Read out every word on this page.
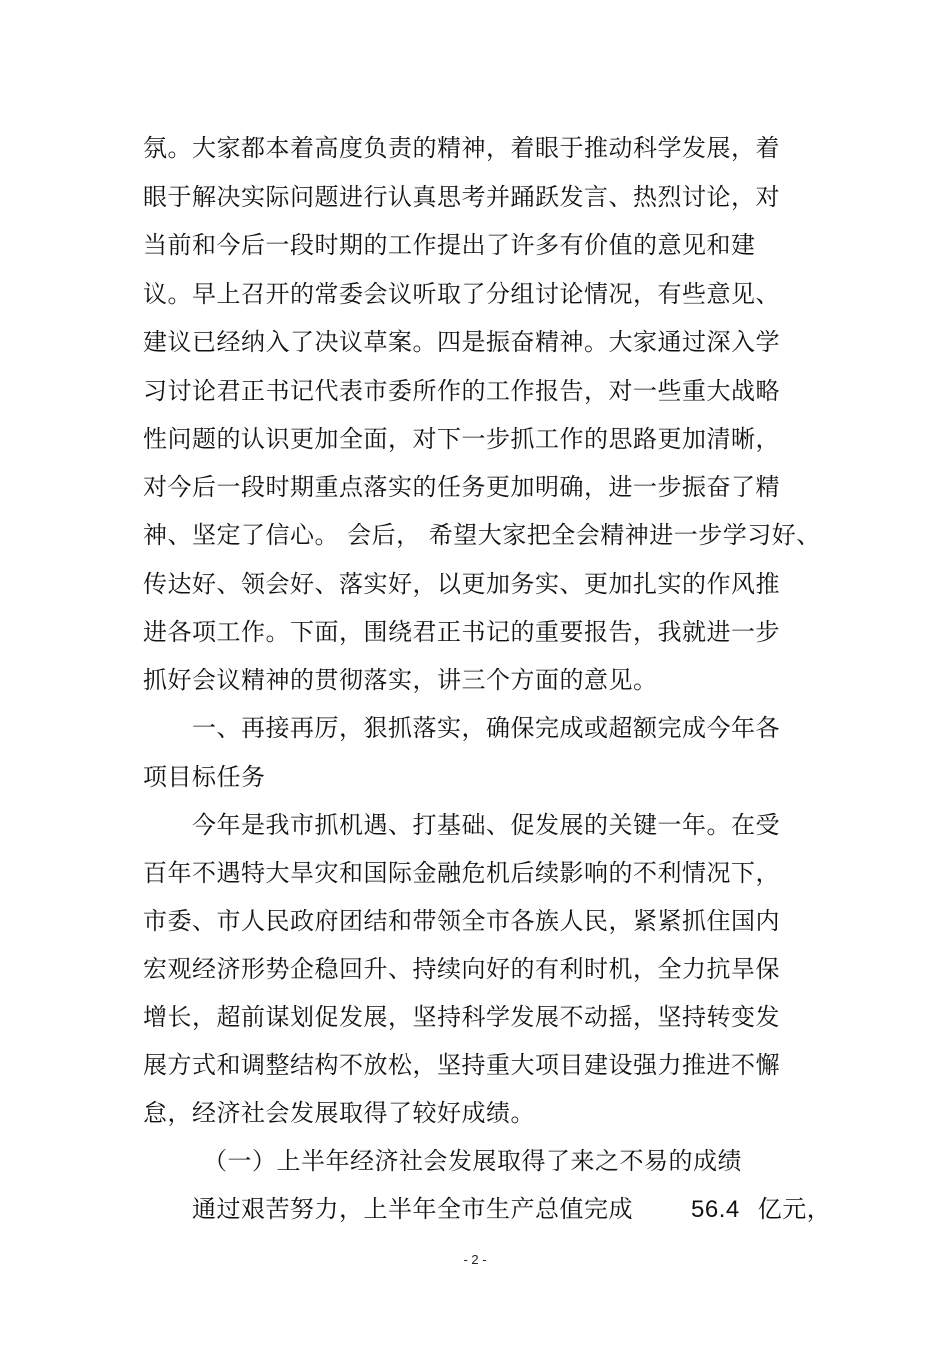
氛。大家都本着高度负责的精神，着眼于推动科学发展，着
眼于解决实际问题进行认真思考并踊跃发言、热烈讨论，对
当前和今后一段时期的工作提出了许多有价值的意见和建
议。早上召开的常委会议听取了分组讨论情况，有些意见、
建议已经纳入了决议草案。四是振奋精神。大家通过深入学
习讨论君正书记代表市委所作的工作报告，对一些重大战略
性问题的认识更加全面，对下一步抓工作的思路更加清晰，
对今后一段时期重点落实的任务更加明确，进一步振奋了精
神、坚定了信心。 会后， 希望大家把全会精神进一步学习好、
传达好、领会好、落实好，以更加务实、更加扎实的作风推
进各项工作。下面，围绕君正书记的重要报告，我就进一步
抓好会议精神的贯彻落实，讲三个方面的意见。
一、再接再厉，狠抓落实，确保完成或超额完成今年各
项目标任务
今年是我市抓机遇、打基础、促发展的关键一年。在受
百年不遇特大旱灾和国际金融危机后续影响的不利情况下，
市委、市人民政府团结和带领全市各族人民，紧紧抓住国内
宏观经济形势企稳回升、持续向好的有利时机，全力抗旱保
增长，超前谋划促发展，坚持科学发展不动摇，坚持转变发
展方式和调整结构不放松，坚持重大项目建设强力推进不懈
怠，经济社会发展取得了较好成绩。
（一）上半年经济社会发展取得了来之不易的成绩
通过艰苦努力，上半年全市生产总值完成 56.4 亿元，
- 2 -
